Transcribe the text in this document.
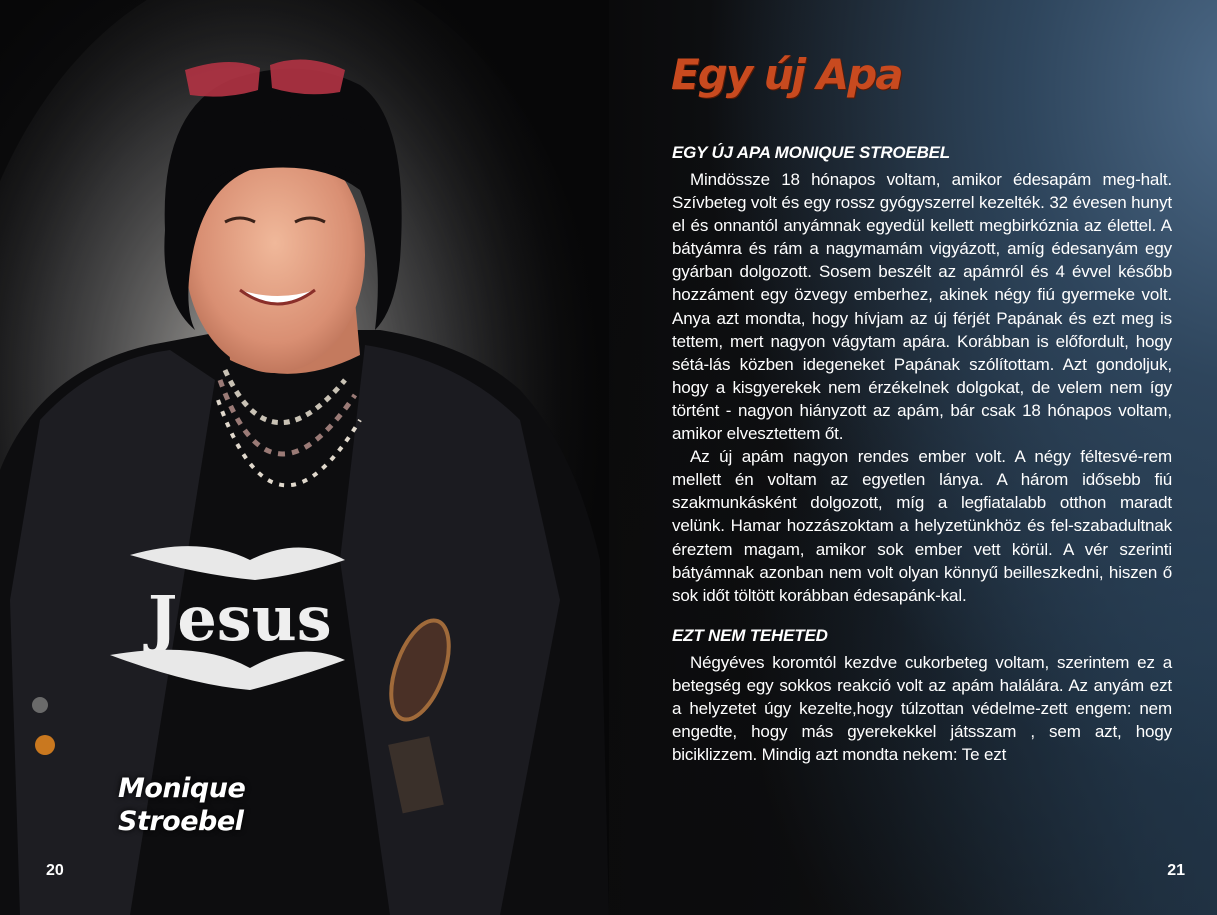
Jesus
Monique
Stroebel
20
Egy új Apa
EGY ÚJ APA MONIQUE STROEBEL

Mindössze 18 hónapos voltam, amikor édesapám meg-halt. Szívbeteg volt és egy rossz gyógyszerrel kezelték. 32 évesen hunyt el és onnantól anyámnak egyedül kellett megbirkóznia az élettel. A bátyámra és rám a nagymamám vigyázott, amíg édesanyám egy gyárban dolgozott. Sosem beszélt az apámról és 4 évvel később hozzáment egy özvegy emberhez, akinek négy fiú gyermeke volt. Anya azt mondta, hogy hívjam az új férjét Papának és ezt meg is tettem, mert nagyon vágytam apára. Korábban is előfordult, hogy sétá-lás közben idegeneket Papának szólítottam. Azt gondoljuk, hogy a kisgyerekek nem érzékelnek dolgokat, de velem nem így történt - nagyon hiányzott az apám, bár csak 18 hónapos voltam, amikor elvesztettem őt.

Az új apám nagyon rendes ember volt. A négy féltesvé-rem mellett én voltam az egyetlen lánya. A három idősebb fiú szakmunkásként dolgozott, míg a legfiatalabb otthon maradt velünk. Hamar hozzászoktam a helyzetünkhöz és fel-szabadultnak éreztem magam, amikor sok ember vett körül. A vér szerinti bátyámnak azonban nem volt olyan könnyű beilleszkedni, hiszen ő sok időt töltött korábban édesapánk-kal.

EZT NEM TEHETED

Négyéves koromtól kezdve cukorbeteg voltam, szerintem ez a betegség egy sokkos reakció volt az apám halálára. Az anyám ezt a helyzetet úgy kezelte,hogy túlzottan védelme-zett engem: nem engedte, hogy más gyerekekkel játsszam , sem azt, hogy biciklizzem. Mindig azt mondta nekem: Te ezt

21
